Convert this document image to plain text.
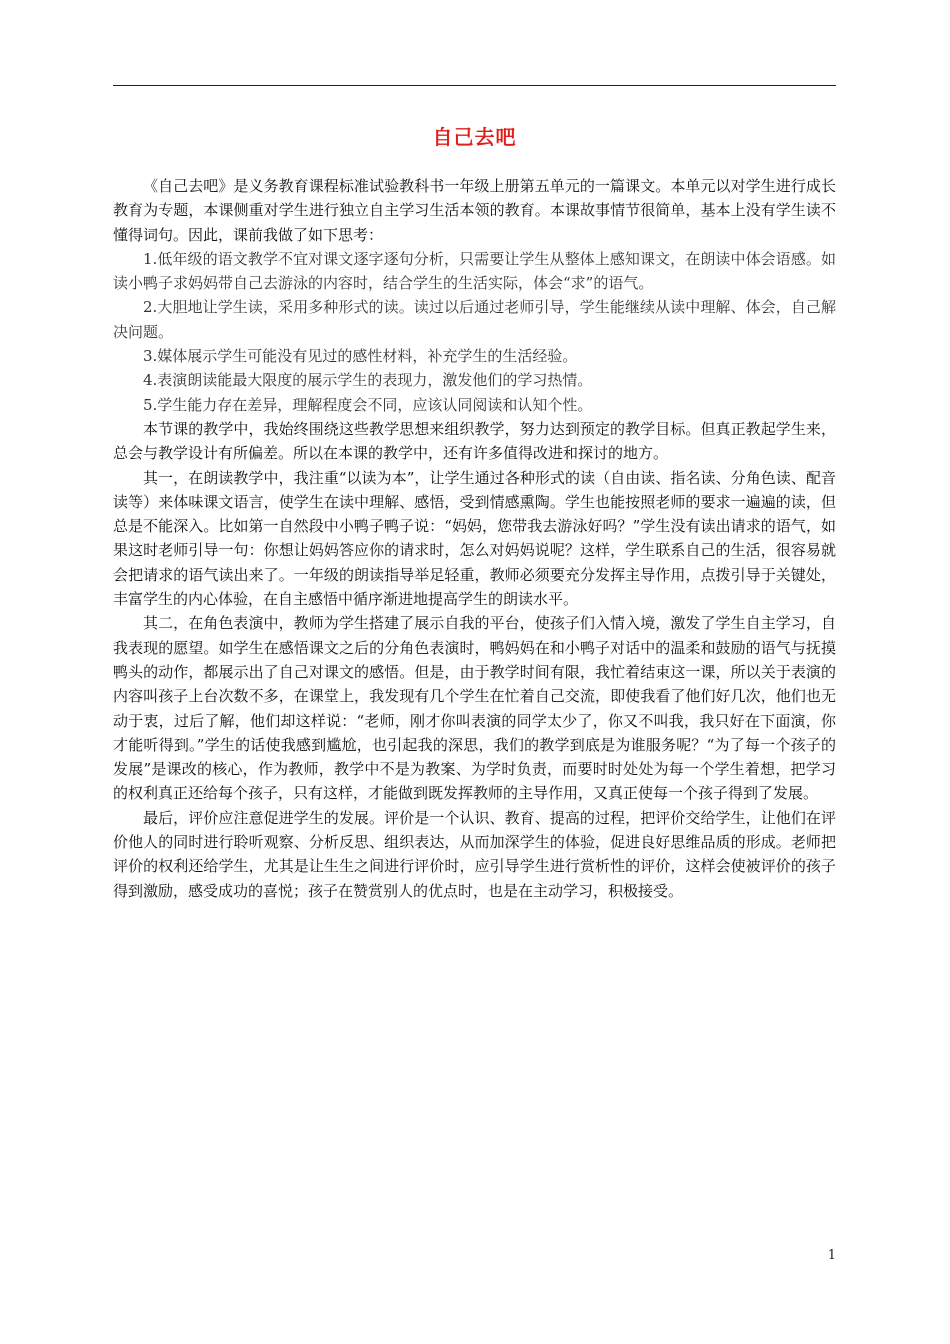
自己去吧

《自己去吧》是义务教育课程标准试验教科书一年级上册第五单元的一篇课文。本单元以对学生进行成长教育为专题，本课侧重对学生进行独立自主学习生活本领的教育。本课故事情节很简单，基本上没有学生读不懂得词句。因此，课前我做了如下思考：

1.低年级的语文教学不宜对课文逐字逐句分析，只需要让学生从整体上感知课文，在朗读中体会语感。如读小鸭子求妈妈带自己去游泳的内容时，结合学生的生活实际，体会“求”的语气。

2.大胆地让学生读，采用多种形式的读。读过以后通过老师引导，学生能继续从读中理解、体会，自己解决问题。

3.媒体展示学生可能没有见过的感性材料，补充学生的生活经验。

4.表演朗读能最大限度的展示学生的表现力，激发他们的学习热情。

5.学生能力存在差异，理解程度会不同，应该认同阅读和认知个性。

本节课的教学中，我始终围绕这些教学思想来组织教学，努力达到预定的教学目标。但真正教起学生来，总会与教学设计有所偏差。所以在本课的教学中，还有许多值得改进和探讨的地方。

其一，在朗读教学中，我注重“以读为本”，让学生通过各种形式的读（自由读、指名读、分角色读、配音读等）来体味课文语言，使学生在读中理解、感悟，受到情感熏陶。学生也能按照老师的要求一遍遍的读，但总是不能深入。比如第一自然段中小鸭子鸭子说：“妈妈，您带我去游泳好吗？”学生没有读出请求的语气，如果这时老师引导一句：你想让妈妈答应你的请求时，怎么对妈妈说呢？这样，学生联系自己的生活，很容易就会把请求的语气读出来了。一年级的朗读指导举足轻重，教师必须要充分发挥主导作用，点拨引导于关键处，丰富学生的内心体验，在自主感悟中循序渐进地提高学生的朗读水平。

其二，在角色表演中，教师为学生搭建了展示自我的平台，使孩子们入情入境，激发了学生自主学习，自我表现的愿望。如学生在感悟课文之后的分角色表演时，鸭妈妈在和小鸭子对话中的温柔和鼓励的语气与抚摸鸭头的动作，都展示出了自己对课文的感悟。但是，由于教学时间有限，我忙着结束这一课，所以关于表演的内容叫孩子上台次数不多，在课堂上，我发现有几个学生在忙着自己交流，即使我看了他们好几次，他们也无动于衷，过后了解，他们却这样说：“老师，刚才你叫表演的同学太少了，你又不叫我，我只好在下面演，你才能听得到。”学生的话使我感到尴尬，也引起我的深思，我们的教学到底是为谁服务呢？“为了每一个孩子的发展”是课改的核心，作为教师，教学中不是为教案、为学时负责，而要时时处处为每一个学生着想，把学习的权利真正还给每个孩子，只有这样，才能做到既发挥教师的主导作用，又真正使每一个孩子得到了发展。

最后，评价应注意促进学生的发展。评价是一个认识、教育、提高的过程，把评价交给学生，让他们在评价他人的同时进行聆听观察、分析反思、组织表达，从而加深学生的体验，促进良好思维品质的形成。老师把评价的权利还给学生，尤其是让生生之间进行评价时，应引导学生进行赏析性的评价，这样会使被评价的孩子得到激励，感受成功的喜悦；孩子在赞赏别人的优点时，也是在主动学习，积极接受。

1
